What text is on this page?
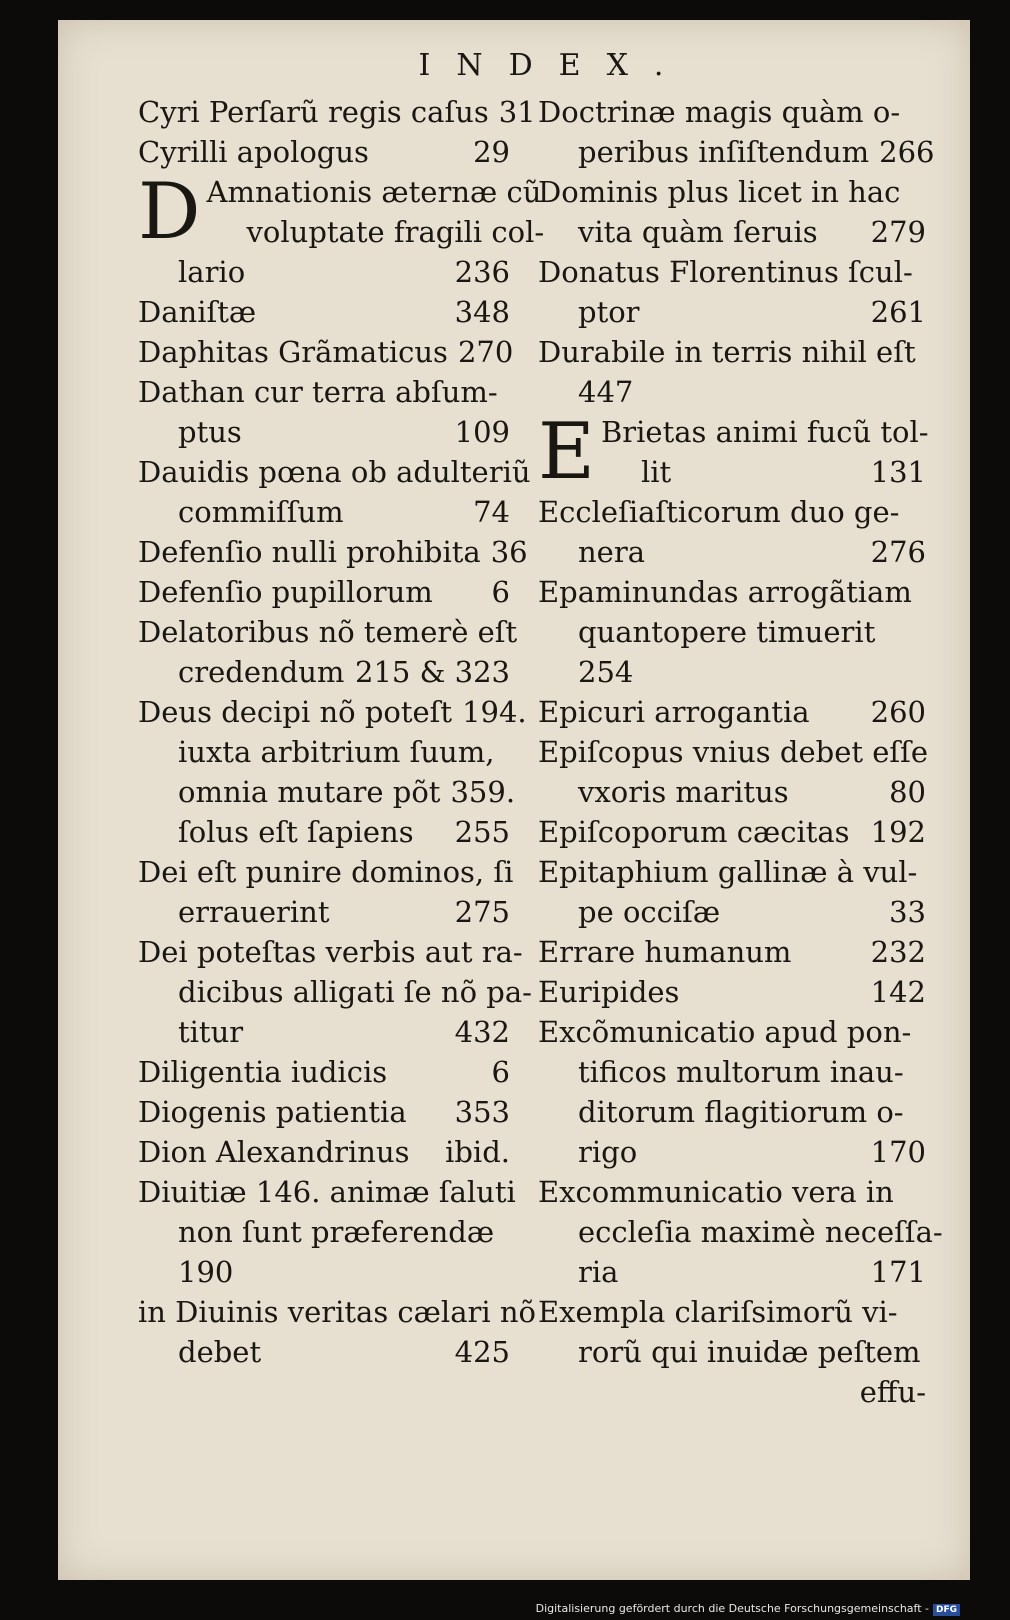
INDEX.
Cyri Perſarũ regis caſus 31
Cyrilli apologus	29
D Amnationis æternæ cũ
voluptate fragili col-
lario	236
Daniſtæ	348
Daphitas Grãmaticus 270
Dathan cur terra abſum-
ptus	109
Dauidis pœna ob adulteriũ
commiſſum	74
Defenſio nulli prohibita 36
Defenſio pupillorum	6
Delatoribus nõ temerè eſt
credendum 215 & 323
Deus decipi nõ poteſt 194.
iuxta arbitrium ſuum,
omnia mutare põt 359.
ſolus eſt ſapiens	255
Dei eſt punire dominos, ſi
errauerint	275
Dei poteſtas verbis aut ra-
dicibus alligati ſe nõ pa-
titur	432
Diligentia iudicis	6
Diogenis patientia	353
Dion Alexandrinus	ibid.
Diuitiæ 146. animæ ſaluti
non ſunt præferendæ
190
in Diuinis veritas cælari nõ
debet	425
Doctrinæ magis quàm o-
peribus inſiſtendum 266
Dominis plus licet in hac
vita quàm ſeruis	279
Donatus Florentinus ſcul-
ptor	261
Durabile in terris nihil eſt
447
E Brietas animi fucũ tol-
lit	131
Eccleſiaſticorum duo ge-
nera	276
Epaminundas arrogãtiam
quantopere timuerit
254
Epicuri arrogantia	260
Epiſcopus vnius debet eſſe
vxoris maritus	80
Epiſcoporum cæcitas 192
Epitaphium gallinæ à vul-
pe occiſæ	33
Errare humanum	232
Euripides	142
Excõmunicatio apud pon-
tificos multorum inau-
ditorum flagitiorum o-
rigo	170
Excommunicatio vera in
eccleſia maximè neceſſa-
ria	171
Exempla clariſsimorũ vi-
rorũ qui inuidæ peſtem
effu-
Digitalisierung gefördert durch die Deutsche Forschungsgemeinschaft - DFG
